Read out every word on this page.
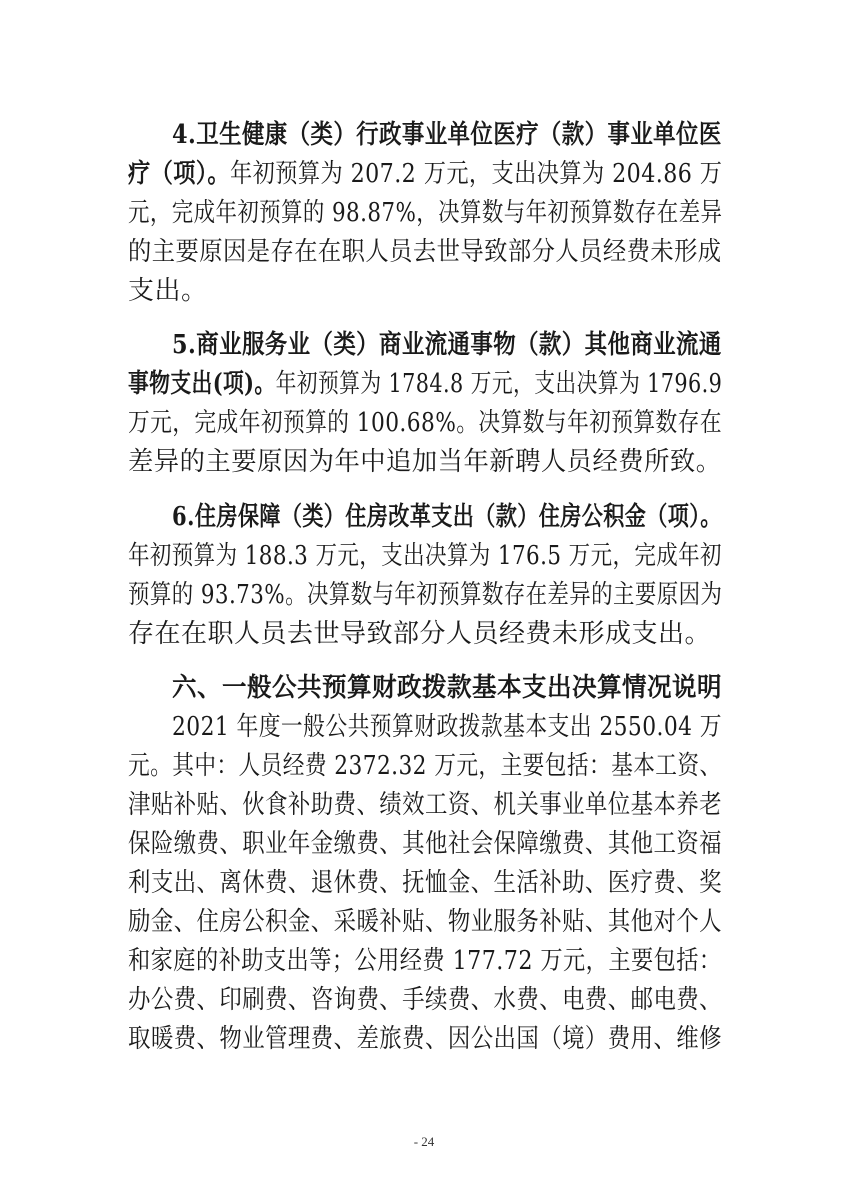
4.卫生健康（类）行政事业单位医疗（款）事业单位医
疗（项）。年初预算为 207.2 万元，支出决算为 204.86 万
元，完成年初预算的 98.87%，决算数与年初预算数存在差异
的主要原因是存在在职人员去世导致部分人员经费未形成
支出。
5.商业服务业（类）商业流通事物（款）其他商业流通
事物支出(项)。年初预算为 1784.8 万元，支出决算为 1796.9
万元，完成年初预算的 100.68%。决算数与年初预算数存在
差异的主要原因为年中追加当年新聘人员经费所致。
6.住房保障（类）住房改革支出（款）住房公积金（项）。
年初预算为 188.3 万元，支出决算为 176.5 万元，完成年初
预算的 93.73%。决算数与年初预算数存在差异的主要原因为
存在在职人员去世导致部分人员经费未形成支出。
六、一般公共预算财政拨款基本支出决算情况说明
2021 年度一般公共预算财政拨款基本支出 2550.04 万
元。其中：人员经费 2372.32 万元，主要包括：基本工资、
津贴补贴、伙食补助费、绩效工资、机关事业单位基本养老
保险缴费、职业年金缴费、其他社会保障缴费、其他工资福
利支出、离休费、退休费、抚恤金、生活补助、医疗费、奖
励金、住房公积金、采暖补贴、物业服务补贴、其他对个人
和家庭的补助支出等；公用经费 177.72 万元，主要包括：
办公费、印刷费、咨询费、手续费、水费、电费、邮电费、
取暖费、物业管理费、差旅费、因公出国（境）费用、维修
- 24
